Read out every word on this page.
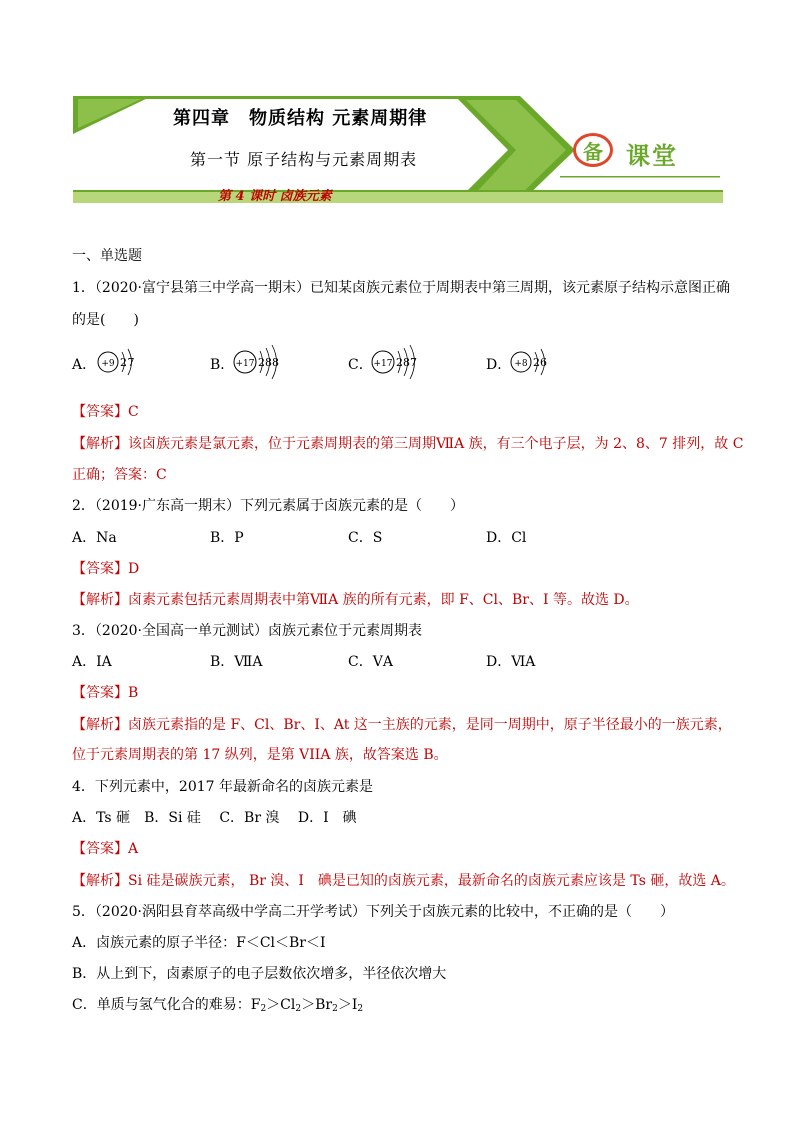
第四章　物质结构 元素周期律
第一节 原子结构与元素周期表
第 4 课时 卤族元素
备 课堂
一、单选题
1．（2020·富宁县第三中学高一期末）已知某卤族元素位于周期表中第三周期，该元素原子结构示意图正确
的是(　　)
A． +9 27	B． +17 288	C． +17 287	D． +8 26
【答案】C
【解析】该卤族元素是氯元素，位于元素周期表的第三周期ⅦA 族，有三个电子层，为 2、8、7 排列，故 C
正确；答案：C
2．（2019·广东高一期末）下列元素属于卤族元素的是（　　）
A．Na	B．P	C．S	D．Cl
【答案】D
【解析】卤素元素包括元素周期表中第ⅦA 族的所有元素，即 F、Cl、Br、I 等。故选 D。
3．（2020·全国高一单元测试）卤族元素位于元素周期表
A．ⅠA	B．ⅦA	C．ⅤA	D．ⅥA
【答案】B
【解析】卤族元素指的是 F、Cl、Br、I、At 这一主族的元素，是同一周期中，原子半径最小的一族元素，
位于元素周期表的第 17 纵列，是第 VIIA 族，故答案选 B。
4．下列元素中，2017 年最新命名的卤族元素是
A．Ts 砸　B．Si 硅　 C．Br 溴　 D．I　碘
【答案】A
【解析】Si 硅是碳族元素， Br 溴、I　碘是已知的卤族元素，最新命名的卤族元素应该是 Ts 砸，故选 A。
5．（2020·涡阳县育萃高级中学高二开学考试）下列关于卤族元素的比较中，不正确的是（　　）
A．卤族元素的原子半径：F＜Cl＜Br＜I
B．从上到下，卤素原子的电子层数依次增多，半径依次增大
C．单质与氢气化合的难易：$F_2>Cl_2>Br_2>I_2$
